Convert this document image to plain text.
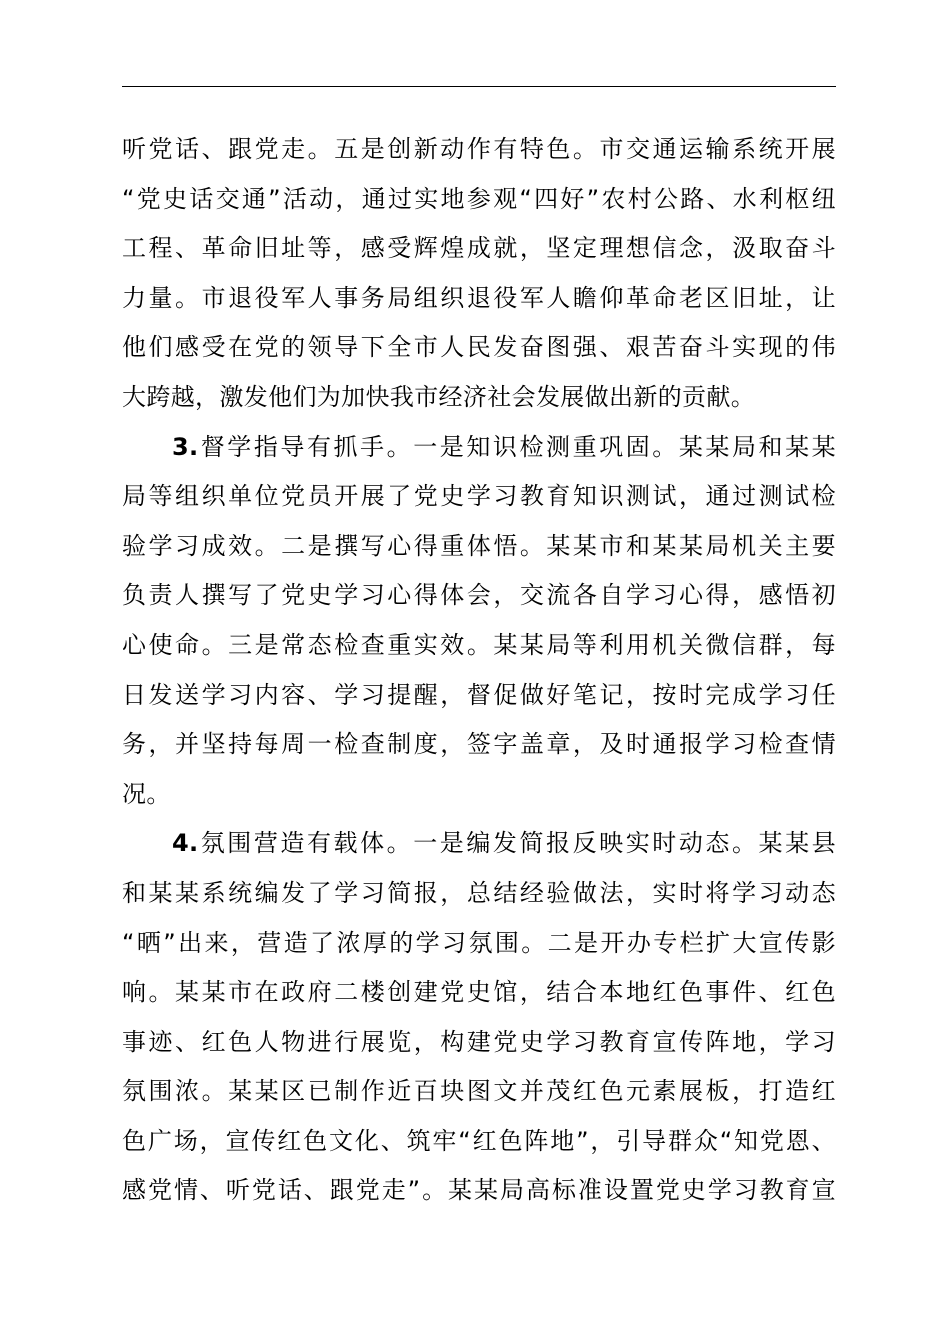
听党话、跟党走。五是创新动作有特色。市交通运输系统开展
“党史话交通”活动，通过实地参观“四好”农村公路、水利枢纽
工程、革命旧址等，感受辉煌成就，坚定理想信念，汲取奋斗
力量。市退役军人事务局组织退役军人瞻仰革命老区旧址，让
他们感受在党的领导下全市人民发奋图强、艰苦奋斗实现的伟
大跨越，激发他们为加快我市经济社会发展做出新的贡献。
3.督学指导有抓手。一是知识检测重巩固。某某局和某某
局等组织单位党员开展了党史学习教育知识测试，通过测试检
验学习成效。二是撰写心得重体悟。某某市和某某局机关主要
负责人撰写了党史学习心得体会，交流各自学习心得，感悟初
心使命。三是常态检查重实效。某某局等利用机关微信群，每
日发送学习内容、学习提醒，督促做好笔记，按时完成学习任
务，并坚持每周一检查制度，签字盖章，及时通报学习检查情
况。
4.氛围营造有载体。一是编发简报反映实时动态。某某县
和某某系统编发了学习简报，总结经验做法，实时将学习动态
“晒”出来，营造了浓厚的学习氛围。二是开办专栏扩大宣传影
响。某某市在政府二楼创建党史馆，结合本地红色事件、红色
事迹、红色人物进行展览，构建党史学习教育宣传阵地，学习
氛围浓。某某区已制作近百块图文并茂红色元素展板，打造红
色广场，宣传红色文化、筑牢“红色阵地”，引导群众“知党恩、
感党情、听党话、跟党走”。某某局高标准设置党史学习教育宣
